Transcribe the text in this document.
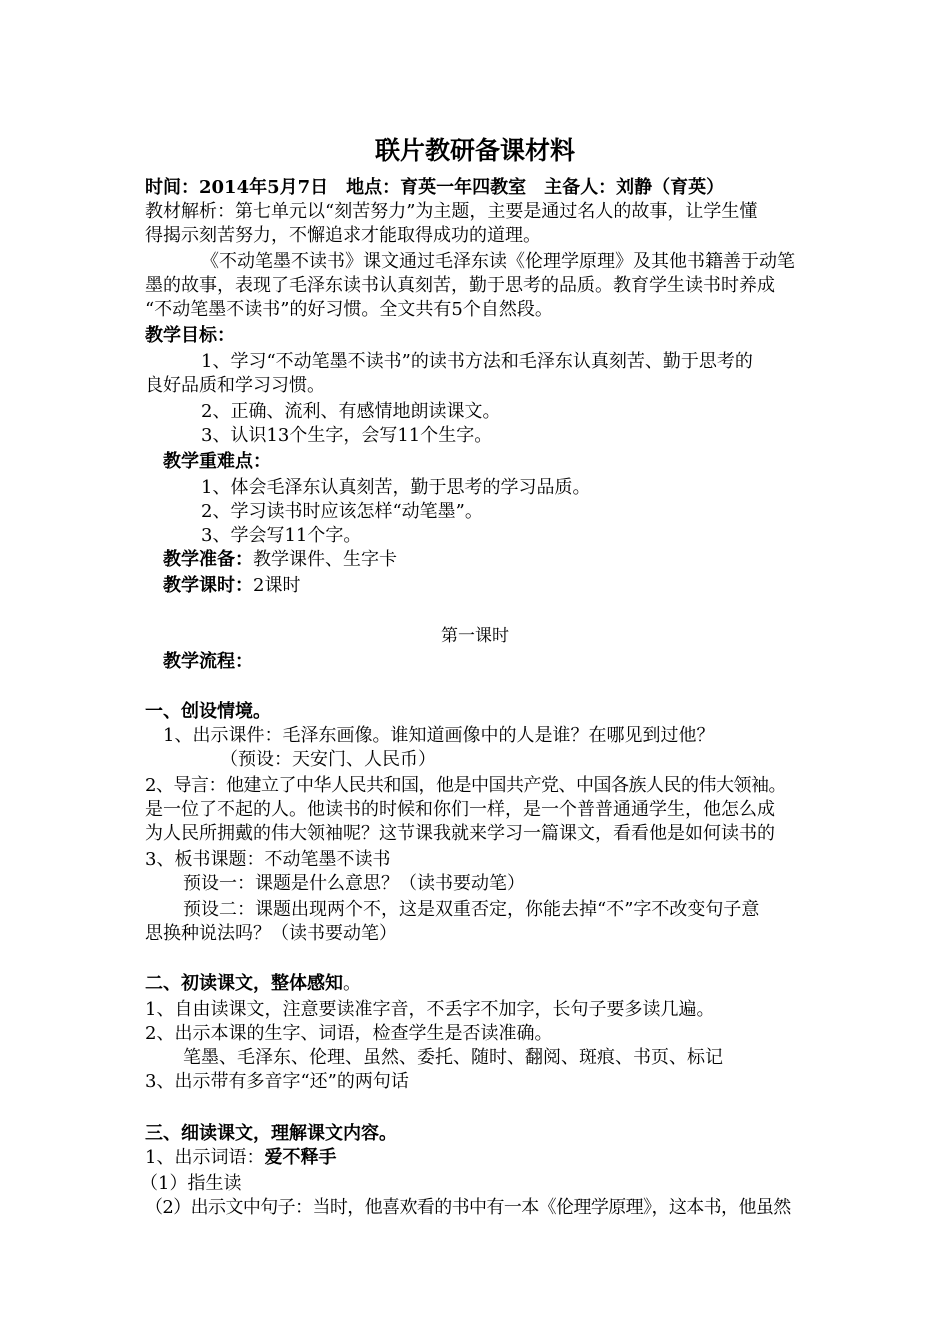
联片教研备课材料
时间：2014年5月7日　地点：育英一年四教室　主备人：刘静（育英）
教材解析：第七单元以“刻苦努力”为主题，主要是通过名人的故事，让学生懂
得揭示刻苦努力，不懈追求才能取得成功的道理。
《不动笔墨不读书》课文通过毛泽东读《伦理学原理》及其他书籍善于动笔
墨的故事，表现了毛泽东读书认真刻苦，勤于思考的品质。教育学生读书时养成
“不动笔墨不读书”的好习惯。全文共有5个自然段。
教学目标：
1、学习“不动笔墨不读书”的读书方法和毛泽东认真刻苦、勤于思考的
良好品质和学习习惯。
2、正确、流利、有感情地朗读课文。
3、认识13个生字，会写11个生字。
教学重难点：
1、体会毛泽东认真刻苦，勤于思考的学习品质。
2、学习读书时应该怎样“动笔墨”。
3、学会写11个字。
教学准备：教学课件、生字卡
教学课时：2课时
第一课时
教学流程：
一、创设情境。
1、出示课件：毛泽东画像。谁知道画像中的人是谁？在哪见到过他？
（预设：天安门、人民币）
2、导言：他建立了中华人民共和国，他是中国共产党、中国各族人民的伟大领袖。
是一位了不起的人。他读书的时候和你们一样，是一个普普通通学生，他怎么成
为人民所拥戴的伟大领袖呢？这节课我就来学习一篇课文，看看他是如何读书的
3、板书课题：不动笔墨不读书
预设一：课题是什么意思？（读书要动笔）
预设二：课题出现两个不，这是双重否定，你能去掉“不”字不改变句子意
思换种说法吗？（读书要动笔）
二、初读课文，整体感知。
1、自由读课文，注意要读准字音，不丢字不加字，长句子要多读几遍。
2、出示本课的生字、词语，检查学生是否读准确。
笔墨、毛泽东、伦理、虽然、委托、随时、翻阅、斑痕、书页、标记
3、出示带有多音字“还”的两句话
三、细读课文，理解课文内容。
1、出示词语：爱不释手
（1）指生读
（2）出示文中句子：当时，他喜欢看的书中有一本《伦理学原理》，这本书，他虽然
